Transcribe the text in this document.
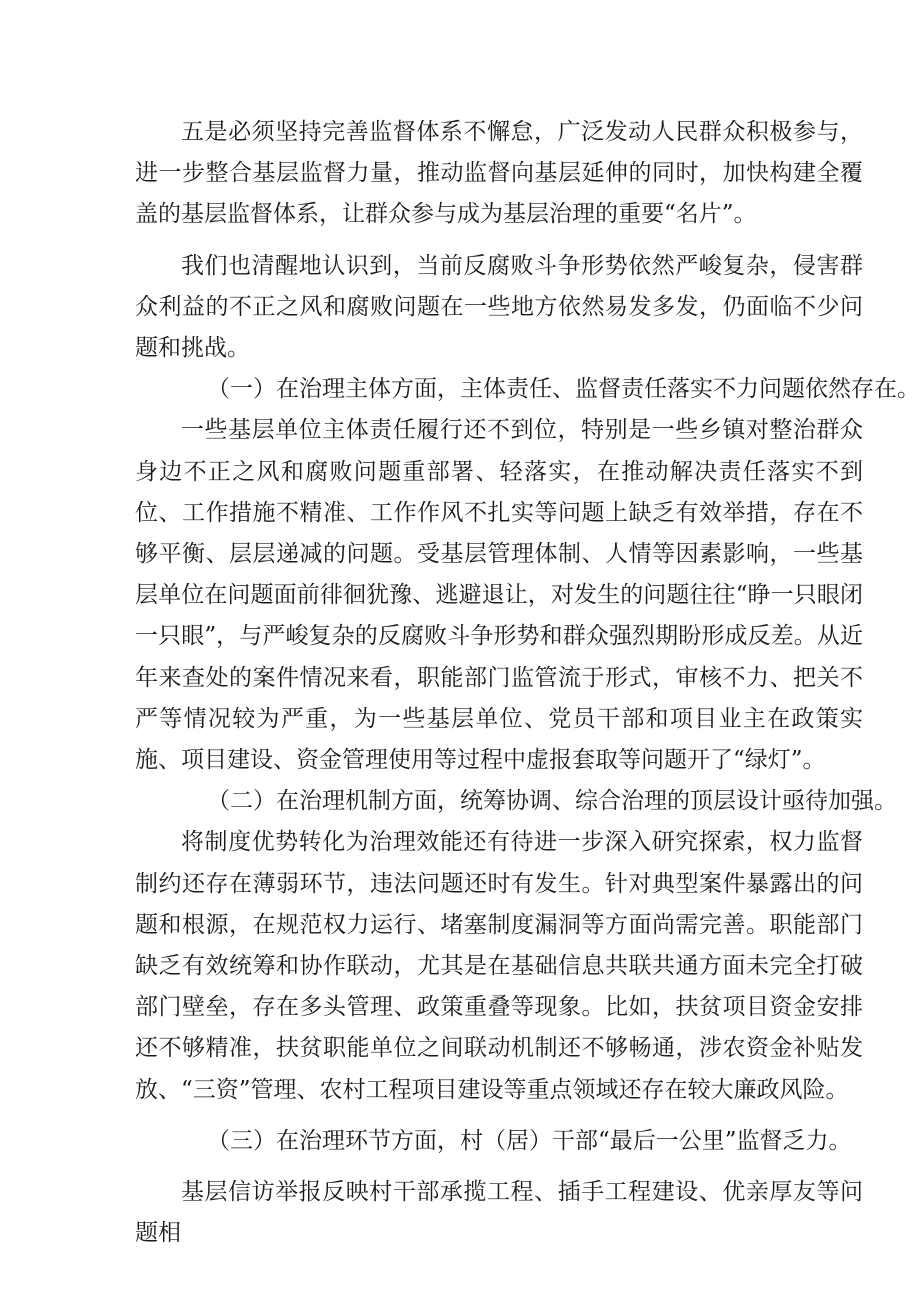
五是必须坚持完善监督体系不懈怠，广泛发动人民群众积极参与，进一步整合基层监督力量，推动监督向基层延伸的同时，加快构建全覆盖的基层监督体系，让群众参与成为基层治理的重要“名片”。

我们也清醒地认识到，当前反腐败斗争形势依然严峻复杂，侵害群众利益的不正之风和腐败问题在一些地方依然易发多发，仍面临不少问题和挑战。

（一）在治理主体方面，主体责任、监督责任落实不力问题依然存在。

一些基层单位主体责任履行还不到位，特别是一些乡镇对整治群众身边不正之风和腐败问题重部署、轻落实，在推动解决责任落实不到位、工作措施不精准、工作作风不扎实等问题上缺乏有效举措，存在不够平衡、层层递减的问题。受基层管理体制、人情等因素影响，一些基层单位在问题面前徘徊犹豫、逃避退让，对发生的问题往往“睁一只眼闭一只眼”，与严峻复杂的反腐败斗争形势和群众强烈期盼形成反差。从近年来查处的案件情况来看，职能部门监管流于形式，审核不力、把关不严等情况较为严重，为一些基层单位、党员干部和项目业主在政策实施、项目建设、资金管理使用等过程中虚报套取等问题开了“绿灯”。

（二）在治理机制方面，统筹协调、综合治理的顶层设计亟待加强。

将制度优势转化为治理效能还有待进一步深入研究探索，权力监督制约还存在薄弱环节，违法问题还时有发生。针对典型案件暴露出的问题和根源，在规范权力运行、堵塞制度漏洞等方面尚需完善。职能部门缺乏有效统筹和协作联动，尤其是在基础信息共联共通方面未完全打破部门壁垒，存在多头管理、政策重叠等现象。比如，扶贫项目资金安排还不够精准，扶贫职能单位之间联动机制还不够畅通，涉农资金补贴发放、“三资”管理、农村工程项目建设等重点领域还存在较大廉政风险。

（三）在治理环节方面，村（居）干部“最后一公里”监督乏力。

基层信访举报反映村干部承揽工程、插手工程建设、优亲厚友等问题相
